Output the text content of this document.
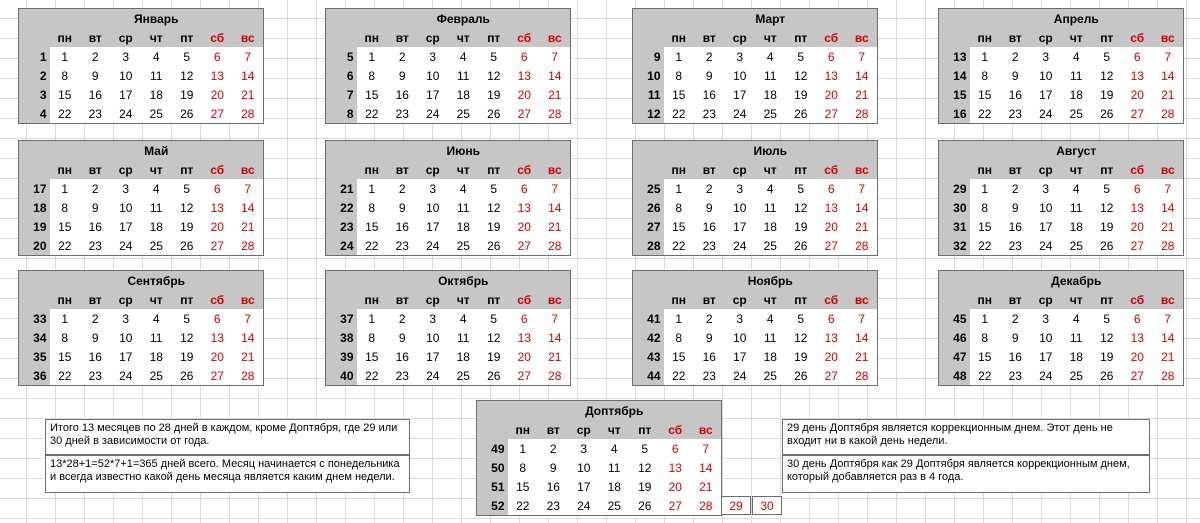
	Январь						
	пн	вт	ср	чт	пт	сб	вс
1	1	2	3	4	5	6	7
2	8	9	10	11	12	13	14
3	15	16	17	18	19	20	21
4	22	23	24	25	26	27	28
	Февраль						
	пн	вт	ср	чт	пт	сб	вс
5	1	2	3	4	5	6	7
6	8	9	10	11	12	13	14
7	15	16	17	18	19	20	21
8	22	23	24	25	26	27	28
	Март						
	пн	вт	ср	чт	пт	сб	вс
9	1	2	3	4	5	6	7
10	8	9	10	11	12	13	14
11	15	16	17	18	19	20	21
12	22	23	24	25	26	27	28
	Апрель						
	пн	вт	ср	чт	пт	сб	вс
13	1	2	3	4	5	6	7
14	8	9	10	11	12	13	14
15	15	16	17	18	19	20	21
16	22	23	24	25	26	27	28
	Май						
	пн	вт	ср	чт	пт	сб	вс
17	1	2	3	4	5	6	7
18	8	9	10	11	12	13	14
19	15	16	17	18	19	20	21
20	22	23	24	25	26	27	28
	Июнь						
	пн	вт	ср	чт	пт	сб	вс
21	1	2	3	4	5	6	7
22	8	9	10	11	12	13	14
23	15	16	17	18	19	20	21
24	22	23	24	25	26	27	28
	Июль						
	пн	вт	ср	чт	пт	сб	вс
25	1	2	3	4	5	6	7
26	8	9	10	11	12	13	14
27	15	16	17	18	19	20	21
28	22	23	24	25	26	27	28
	Август						
	пн	вт	ср	чт	пт	сб	вс
29	1	2	3	4	5	6	7
30	8	9	10	11	12	13	14
31	15	16	17	18	19	20	21
32	22	23	24	25	26	27	28
	Сентябрь						
	пн	вт	ср	чт	пт	сб	вс
33	1	2	3	4	5	6	7
34	8	9	10	11	12	13	14
35	15	16	17	18	19	20	21
36	22	23	24	25	26	27	28
	Октябрь						
	пн	вт	ср	чт	пт	сб	вс
37	1	2	3	4	5	6	7
38	8	9	10	11	12	13	14
39	15	16	17	18	19	20	21
40	22	23	24	25	26	27	28
	Ноябрь						
	пн	вт	ср	чт	пт	сб	вс
41	1	2	3	4	5	6	7
42	8	9	10	11	12	13	14
43	15	16	17	18	19	20	21
44	22	23	24	25	26	27	28
	Декабрь						
	пн	вт	ср	чт	пт	сб	вс
45	1	2	3	4	5	6	7
46	8	9	10	11	12	13	14
47	15	16	17	18	19	20	21
48	22	23	24	25	26	27	28
	Доптябрь						
	пн	вт	ср	чт	пт	сб	вс
49	1	2	3	4	5	6	7
50	8	9	10	11	12	13	14
51	15	16	17	18	19	20	21
52	22	23	24	25	26	27	28
Итого 13 месяцев по 28 дней в каждом, кроме Доптября, где 29 или 30 дней в зависимости от года.
13*28+1=52*7+1=365 дней всего. Месяц начинается с понедельника и всегда известно какой день месяца является каким днем недели.
29 день Доптября является коррекционным днем. Этот день не входит ни в какой день недели.
30 день Доптября как 29 Доптября является коррекционным днем, который добавляется раз в 4 года.
29	30
